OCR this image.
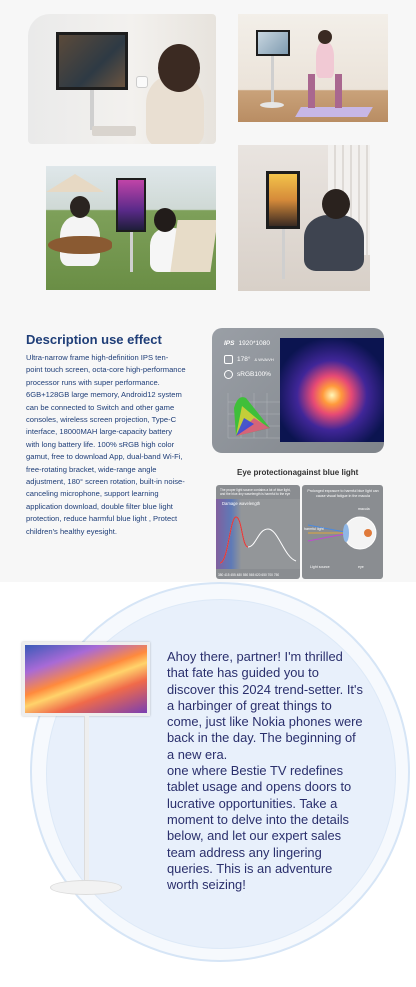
Description use effect
Ultra-narrow frame high-definition IPS ten-
point touch screen, octa-core high-performance
processor runs with super performance.
6GB+128GB large memory, Android12 system
can be connected to Switch and other game
consoles, wireless screen projection, Type-C
interface, 18000MAH large-capacity battery
with long battery life. 100% sRGB high color
gamut, free to download App, dual-band Wi-Fi,
free-rotating bracket, wide-range angle
adjustment, 180° screen rotation, built-in noise-
canceling microphone, support learning
application download, double filter blue light
protection, reduce harmful blue light , Protect
children's healthy eyesight.
IPS 1920*1080
178° & WVA/VH
sRGB100%
Eye protectionagainst blue light
The proper light source contains a lot of blue light, and the blue-tiny wavelength is harmful to the eye
Damage wavelength
380 415 455 480 550 565 620 650 700 750
Prolonged exposure to harmful blue light can cause visual fatigue in the macula
macula
harmful light
Light source	eye

Ahoy there, partner! I'm thrilled that fate has guided you to discover this 2024 trend-setter. It's a harbinger of great things to come, just like Nokia phones were back in the day. The beginning of a new era.

one where Bestie TV redefines tablet usage and opens doors to lucrative opportunities. Take a moment to delve into the details below, and let our expert sales team address any lingering queries. This is an adventure worth seizing!
